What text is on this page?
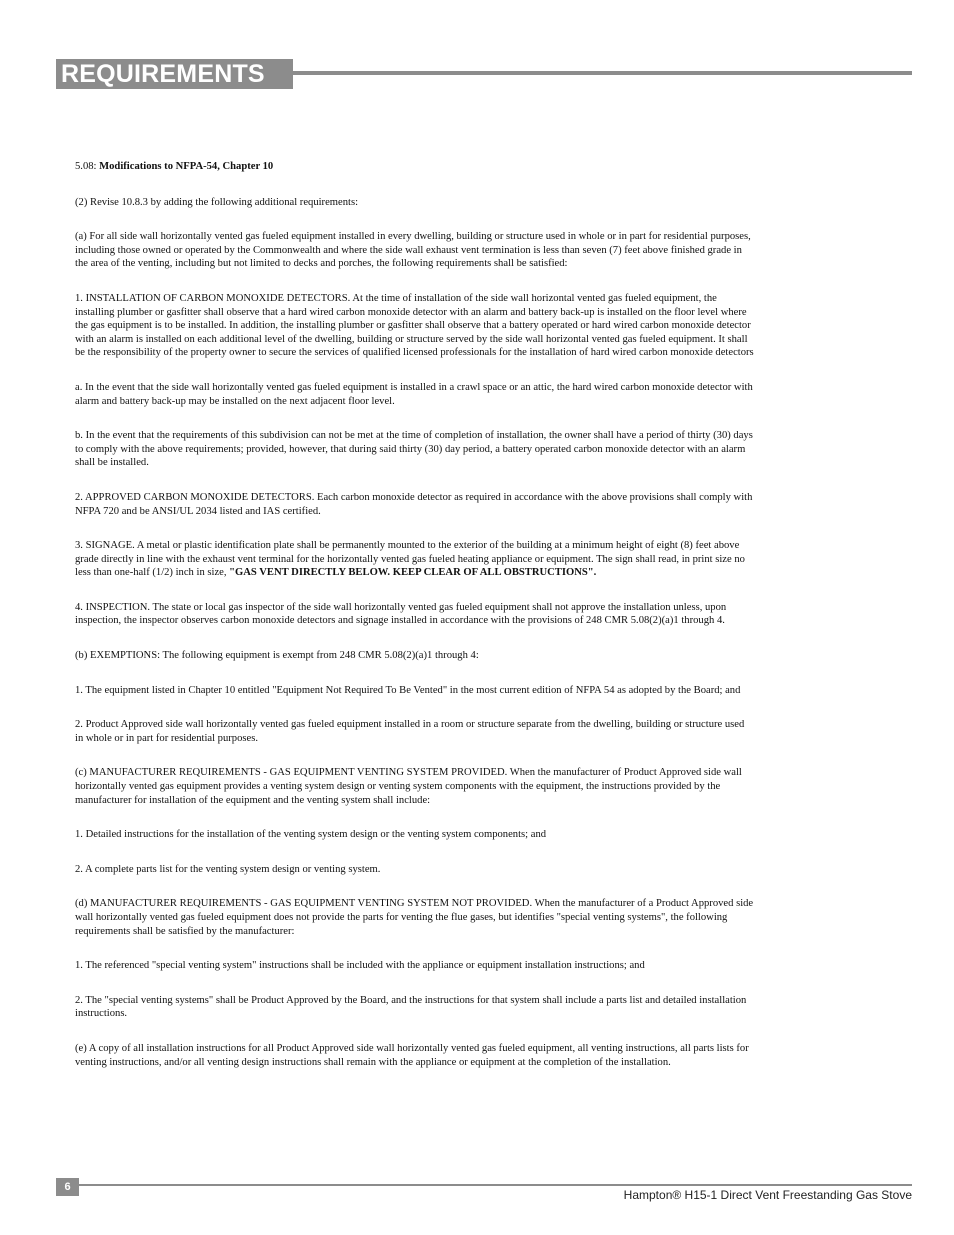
REQUIREMENTS

5.08: Modifications to NFPA-54, Chapter 10

(2) Revise 10.8.3 by adding the following additional requirements:

(a) For all side wall horizontally vented gas fueled equipment installed in every dwelling, building or structure used in whole or in part for residential purposes, including those owned or operated by the Commonwealth and where the side wall exhaust vent termination is less than seven (7) feet above finished grade in the area of the venting, including but not limited to decks and porches, the following requirements shall be satisfied:

1. INSTALLATION OF CARBON MONOXIDE DETECTORS. At the time of installation of the side wall horizontal vented gas fueled equipment, the installing plumber or gasfitter shall observe that a hard wired carbon monoxide detector with an alarm and battery back-up is installed on the floor level where the gas equipment is to be installed. In addition, the installing plumber or gasfitter shall observe that a battery operated or hard wired carbon monoxide detector with an alarm is installed on each additional level of the dwelling, building or structure served by the side wall horizontal vented gas fueled equipment. It shall be the responsibility of the property owner to secure the services of qualified licensed professionals for the installation of hard wired carbon monoxide detectors

a. In the event that the side wall horizontally vented gas fueled equipment is installed in a crawl space or an attic, the hard wired carbon monoxide detector with alarm and battery back-up may be installed on the next adjacent floor level.

b. In the event that the requirements of this subdivision can not be met at the time of completion of installation, the owner shall have a period of thirty (30) days to comply with the above requirements; provided, however, that during said thirty (30) day period, a battery operated carbon monoxide detector with an alarm shall be installed.

2. APPROVED CARBON MONOXIDE DETECTORS. Each carbon monoxide detector as required in accordance with the above provisions shall comply with NFPA 720 and be ANSI/UL 2034 listed and IAS certified.

3. SIGNAGE. A metal or plastic identification plate shall be permanently mounted to the exterior of the building at a minimum height of eight (8) feet above grade directly in line with the exhaust vent terminal for the horizontally vented gas fueled heating appliance or equipment. The sign shall read, in print size no less than one-half (1/2) inch in size, "GAS VENT DIRECTLY BELOW. KEEP CLEAR OF ALL OBSTRUCTIONS".

4. INSPECTION. The state or local gas inspector of the side wall horizontally vented gas fueled equipment shall not approve the installation unless, upon inspection, the inspector observes carbon monoxide detectors and signage installed in accordance with the provisions of 248 CMR 5.08(2)(a)1 through 4.

(b) EXEMPTIONS: The following equipment is exempt from 248 CMR 5.08(2)(a)1 through 4:

1. The equipment listed in Chapter 10 entitled "Equipment Not Required To Be Vented" in the most current edition of NFPA 54 as adopted by the Board; and

2. Product Approved side wall horizontally vented gas fueled equipment installed in a room or structure separate from the dwelling, building or structure used in whole or in part for residential purposes.

(c) MANUFACTURER REQUIREMENTS - GAS EQUIPMENT VENTING SYSTEM PROVIDED. When the manufacturer of Product Approved side wall horizontally vented gas equipment provides a venting system design or venting system components with the equipment, the instructions provided by the manufacturer for installation of the equipment and the venting system shall include:

1. Detailed instructions for the installation of the venting system design or the venting system components; and

2. A complete parts list for the venting system design or venting system.

(d) MANUFACTURER REQUIREMENTS - GAS EQUIPMENT VENTING SYSTEM NOT PROVIDED. When the manufacturer of a Product Approved side wall horizontally vented gas fueled equipment does not provide the parts for venting the flue gases, but identifies "special venting systems", the following requirements shall be satisfied by the manufacturer:

1. The referenced "special venting system" instructions shall be included with the appliance or equipment installation instructions; and

2. The "special venting systems" shall be Product Approved by the Board, and the instructions for that system shall include a parts list and detailed installation instructions.

(e) A copy of all installation instructions for all Product Approved side wall horizontally vented gas fueled equipment, all venting instructions, all parts lists for venting instructions, and/or all venting design instructions shall remain with the appliance or equipment at the completion of the installation.

6
Hampton® H15-1 Direct Vent Freestanding Gas Stove
